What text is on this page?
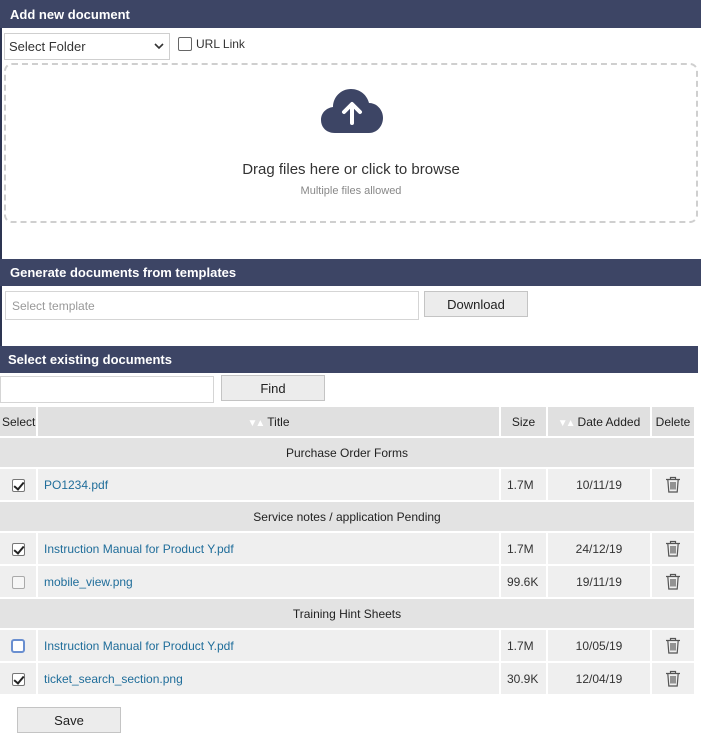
Add new document
Select Folder
URL Link
Drag files here or click to browse
Multiple files allowed
Generate documents from templates
Select template
Download
Select existing documents
Find
Select	▼▲ Title	Size	▼▲ Date Added	Delete
Purchase Order Forms				
	PO1234.pdf	1.7M	10/11/19	
Service notes / application Pending				
	Instruction Manual for Product Y.pdf	1.7M	24/12/19	
	mobile_view.png	99.6K	19/11/19	
Training Hint Sheets				
	Instruction Manual for Product Y.pdf	1.7M	10/05/19	
	ticket_search_section.png	30.9K	12/04/19	
Save
